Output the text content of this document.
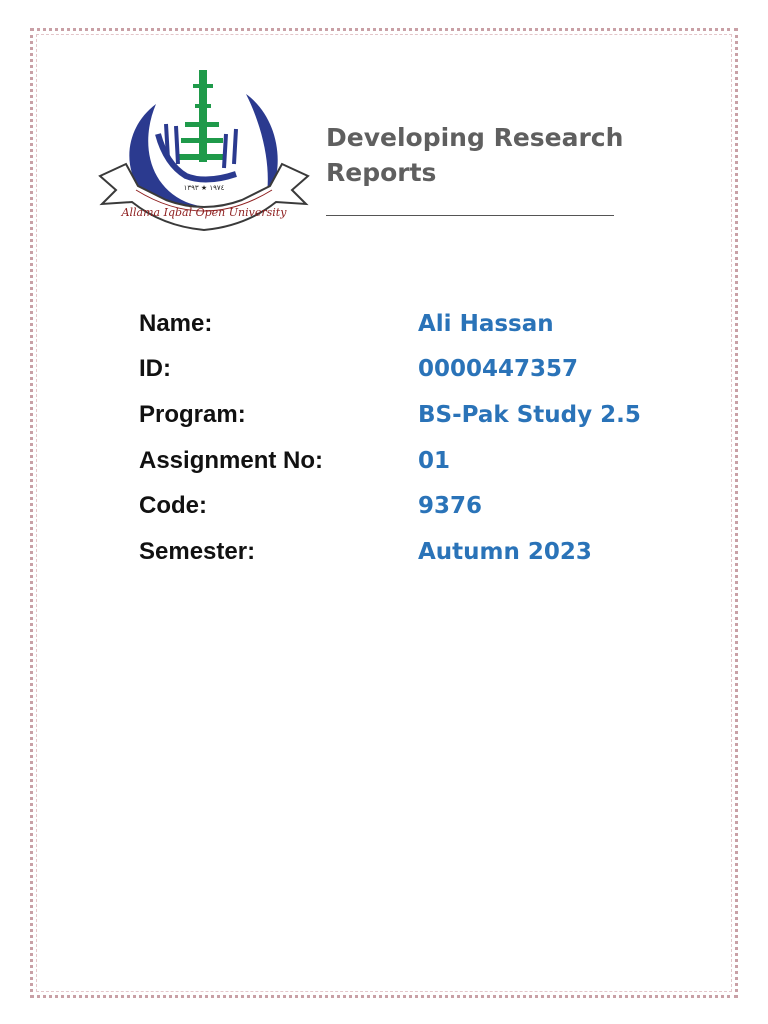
Allama Iqbal Open University
١٩٧٤ ★ ١٣٩٣
Developing Research
Reports
Name:	Ali Hassan
ID:	0000447357
Program:	BS-Pak Study 2.5
Assignment No:	01
Code:	9376
Semester:	Autumn 2023
